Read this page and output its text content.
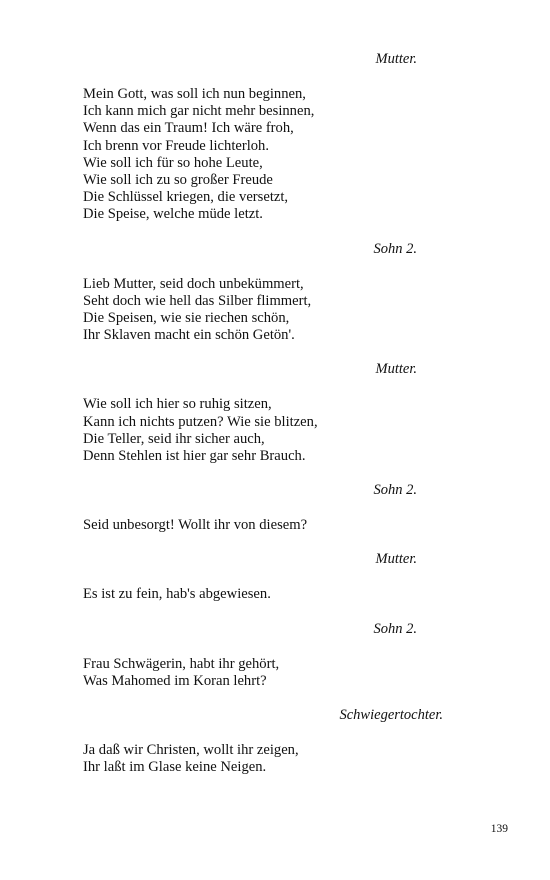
Mutter.

Mein Gott, was soll ich nun beginnen,
Ich kann mich gar nicht mehr besinnen,
Wenn das ein Traum! Ich wäre froh,
Ich brenn vor Freude lichterloh.
Wie soll ich für so hohe Leute,
Wie soll ich zu so großer Freude
Die Schlüssel kriegen, die versetzt,
Die Speise, welche müde letzt.

Sohn 2.

Lieb Mutter, seid doch unbekümmert,
Seht doch wie hell das Silber flimmert,
Die Speisen, wie sie riechen schön,
Ihr Sklaven macht ein schön Getön'.

Mutter.

Wie soll ich hier so ruhig sitzen,
Kann ich nichts putzen? Wie sie blitzen,
Die Teller, seid ihr sicher auch,
Denn Stehlen ist hier gar sehr Brauch.

Sohn 2.

Seid unbesorgt! Wollt ihr von diesem?

Mutter.

Es ist zu fein, hab's abgewiesen.

Sohn 2.

Frau Schwägerin, habt ihr gehört,
Was Mahomed im Koran lehrt?

Schwiegertochter.

Ja daß wir Christen, wollt ihr zeigen,
Ihr laßt im Glase keine Neigen.
139
